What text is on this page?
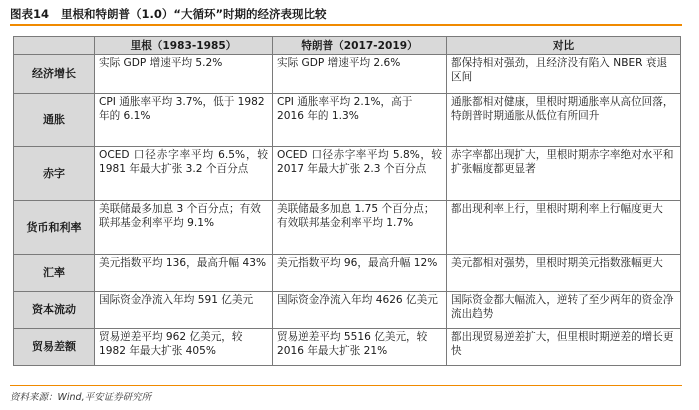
图表14 里根和特朗普（1.0）“大循环”时期的经济表现比较
	里根（1983-1985）	特朗普（2017-2019）	对比
经济增长	实际 GDP 增速平均 5.2%	实际 GDP 增速平均 2.6%	都保持相对强劲，且经济没有陷入 NBER 衰退区间
通胀	CPI 通胀率平均 3.7%，低于 1982 年的 6.1%	CPI 通胀率平均 2.1%，高于 2016 年的 1.3%	通胀都相对健康，里根时期通胀率从高位回落，特朗普时期通胀从低位有所回升
赤字	OCED 口径赤字率平均 6.5%，较 1981 年最大扩张 3.2 个百分点	OCED 口径赤字率平均 5.8%，较 2017 年最大扩张 2.3 个百分点	赤字率都出现扩大，里根时期赤字率绝对水平和扩张幅度都更显著
货币和利率	美联储最多加息 3 个百分点；有效联邦基金利率平均 9.1%	美联储最多加息 1.75 个百分点；有效联邦基金利率平均 1.7%	都出现利率上行，里根时期利率上行幅度更大
汇率	美元指数平均 136，最高升幅 43%	美元指数平均 96，最高升幅 12%	美元都相对强势，里根时期美元指数涨幅更大
资本流动	国际资金净流入年均 591 亿美元	国际资金净流入年均 4626 亿美元	国际资金都大幅流入，逆转了至少两年的资金净流出趋势
贸易差额	贸易逆差平均 962 亿美元，较 1982 年最大扩张 405%	贸易逆差平均 5516 亿美元，较 2016 年最大扩张 21%	都出现贸易逆差扩大，但里根时期逆差的增长更快
资料来源：Wind,平安证券研究所
